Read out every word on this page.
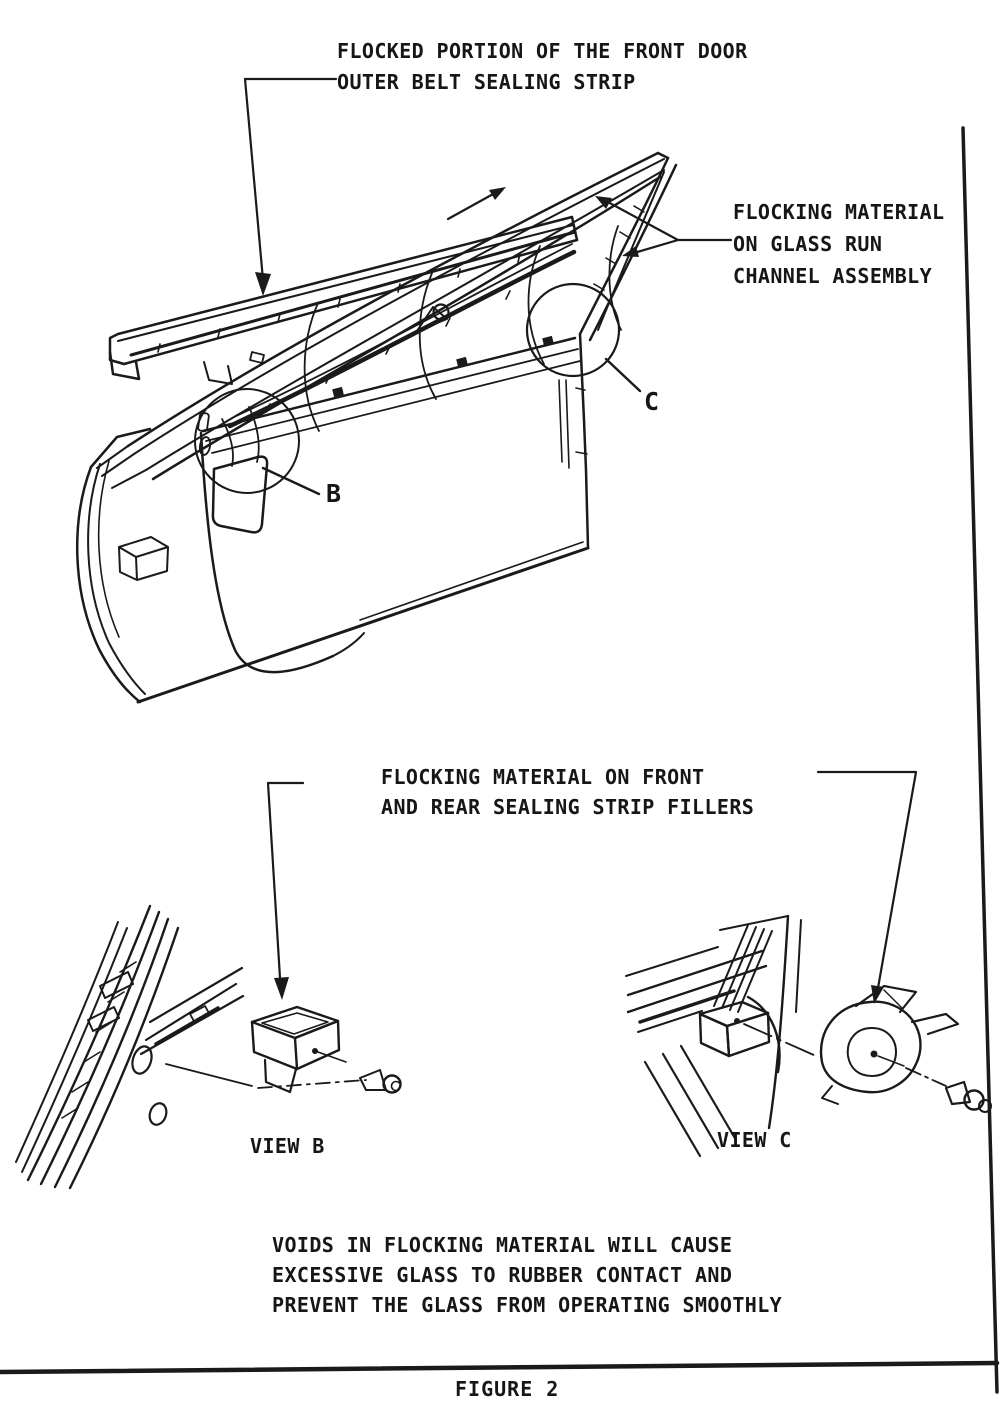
FLOCKED PORTION OF THE FRONT DOOR
OUTER BELT SEALING STRIP
FLOCKING MATERIAL
ON GLASS RUN
CHANNEL ASSEMBLY
B
C
FLOCKING MATERIAL ON FRONT
AND REAR SEALING STRIP FILLERS
VIEW B	VIEW C
VOIDS IN FLOCKING MATERIAL WILL CAUSE
EXCESSIVE GLASS TO RUBBER CONTACT AND
PREVENT THE GLASS FROM OPERATING SMOOTHLY
FIGURE 2
